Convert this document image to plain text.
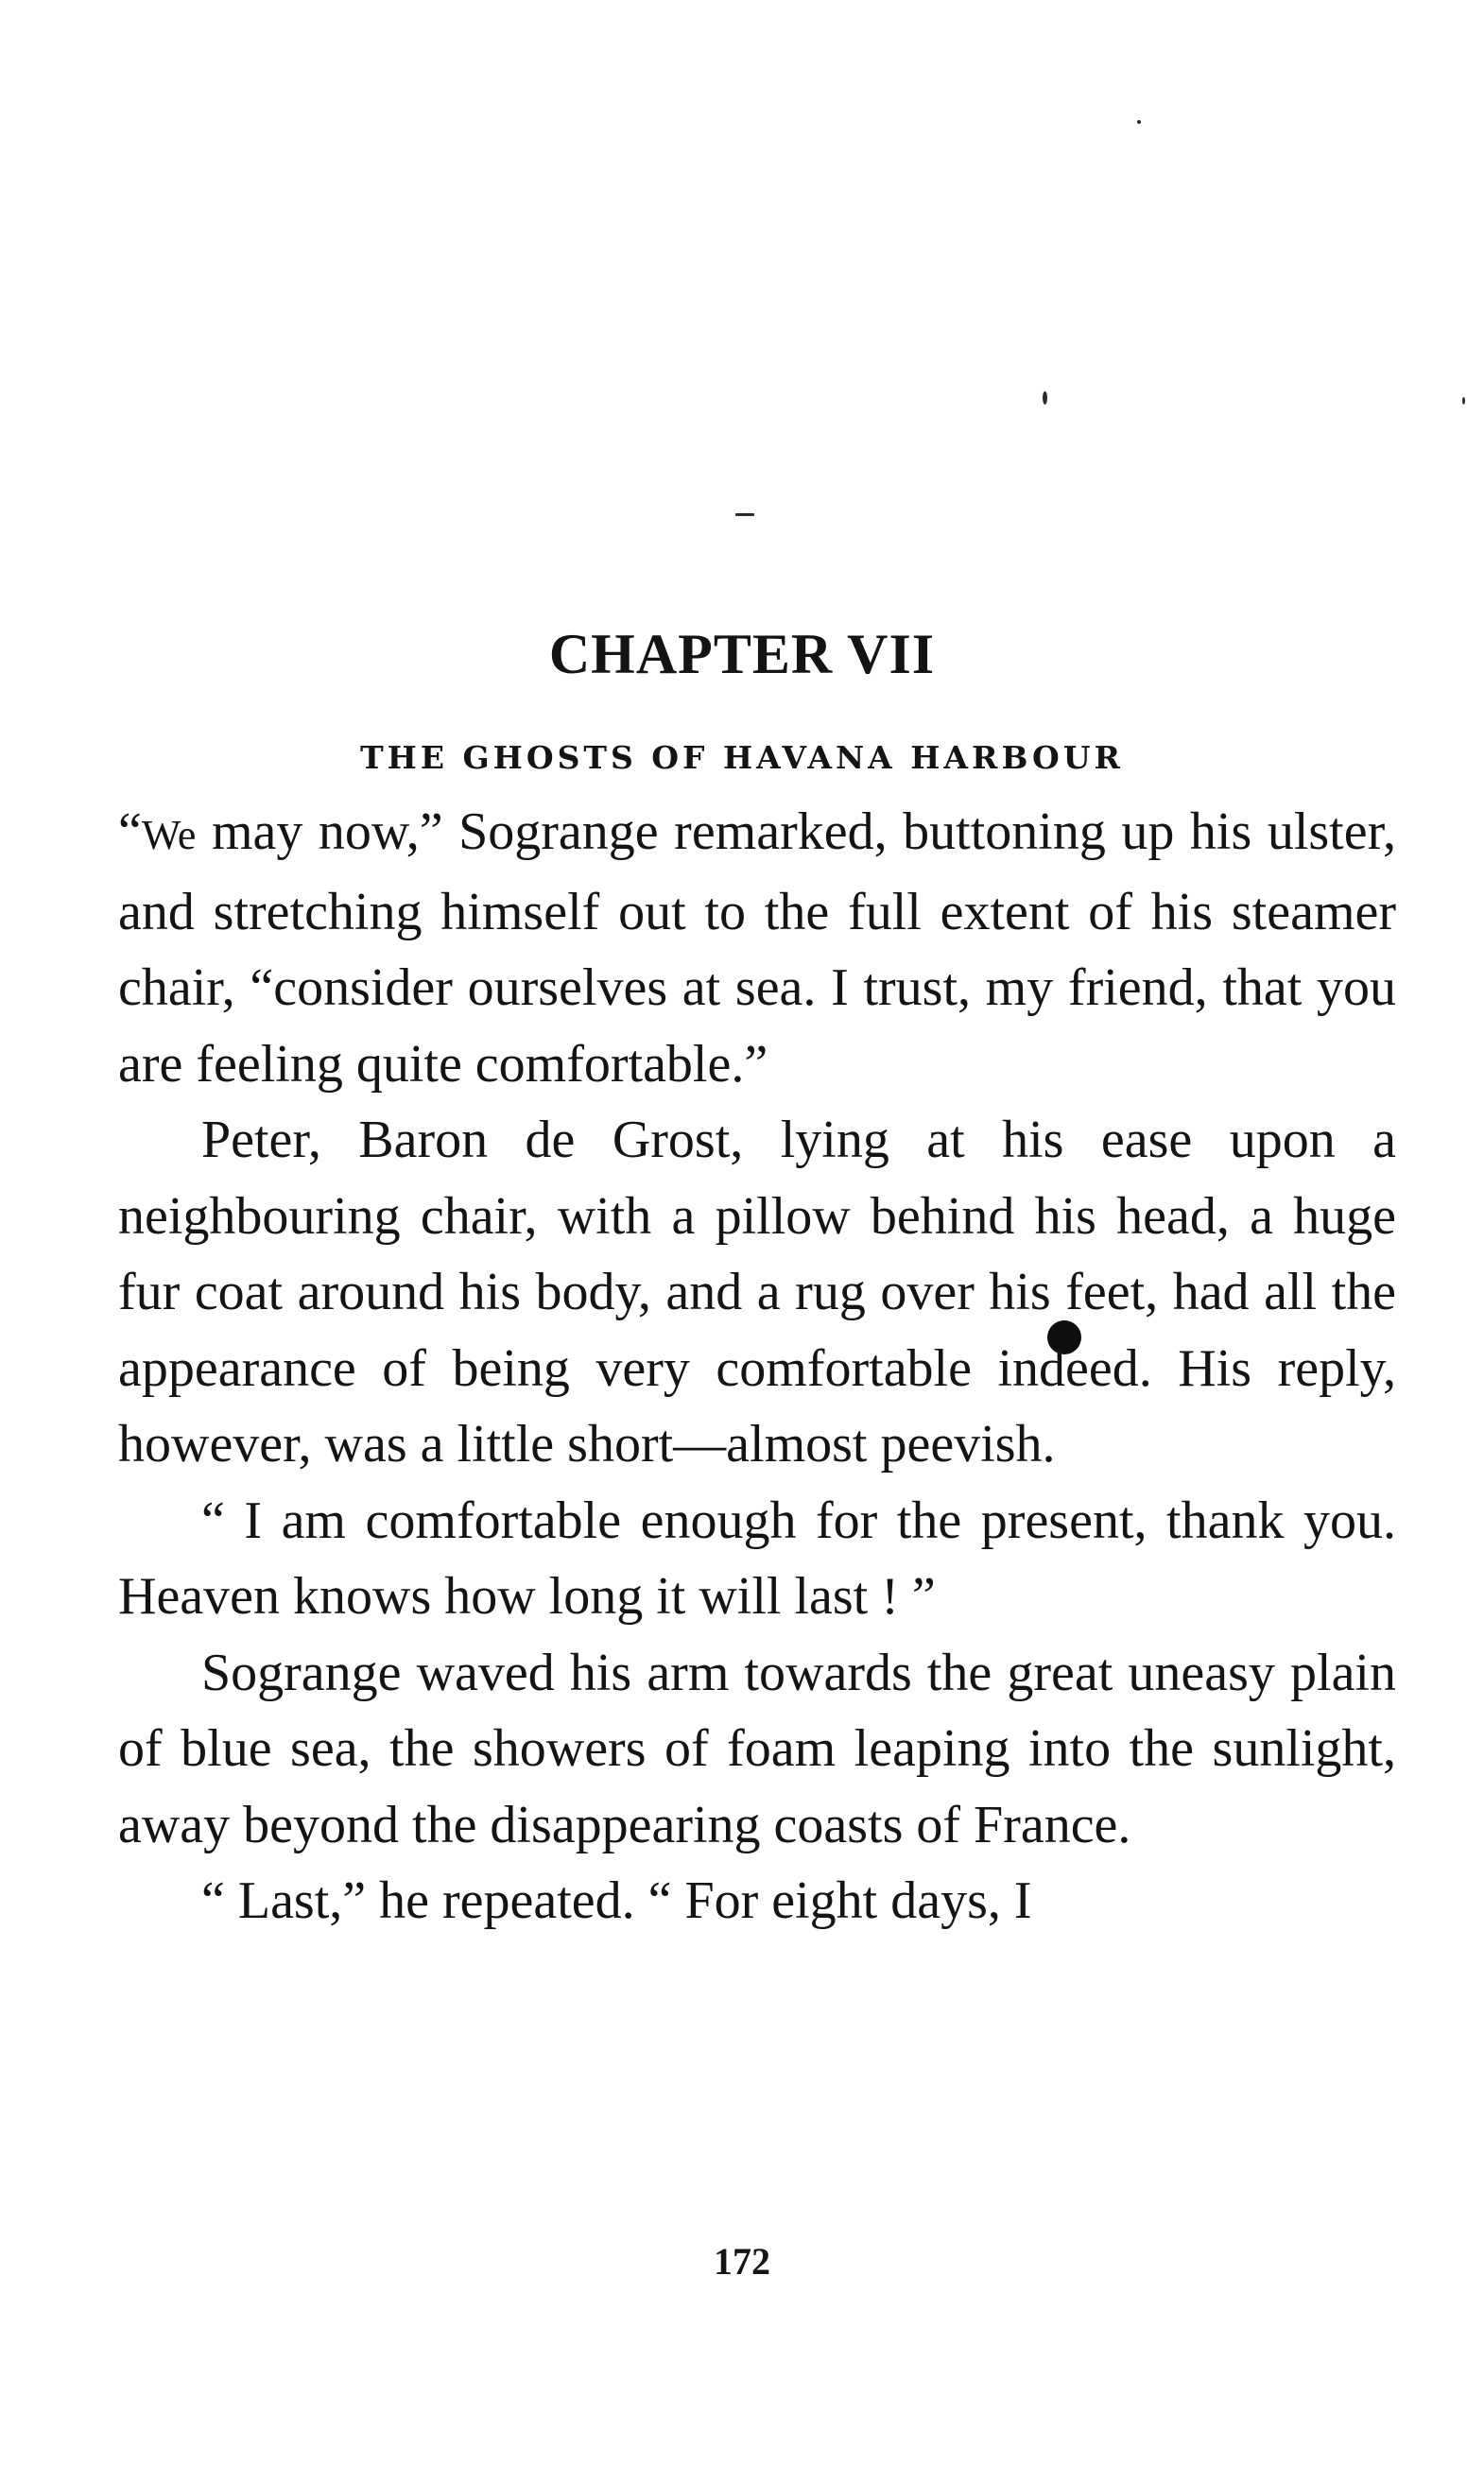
CHAPTER VII
THE GHOSTS OF HAVANA HARBOUR

“We may now,” Sogrange remarked, buttoning up his ulster, and stretching himself out to the full extent of his steamer chair, “consider ourselves at sea. I trust, my friend, that you are feeling quite comfortable.”

Peter, Baron de Grost, lying at his ease upon a neighbouring chair, with a pillow behind his head, a huge fur coat around his body, and a rug over his feet, had all the appearance of being very comfortable indeed. His reply, however, was a little short—almost peevish.

“ I am comfortable enough for the present, thank you. Heaven knows how long it will last ! ”

Sogrange waved his arm towards the great uneasy plain of blue sea, the showers of foam leaping into the sunlight, away beyond the disappearing coasts of France.

“ Last,” he repeated. “ For eight days, I

172
